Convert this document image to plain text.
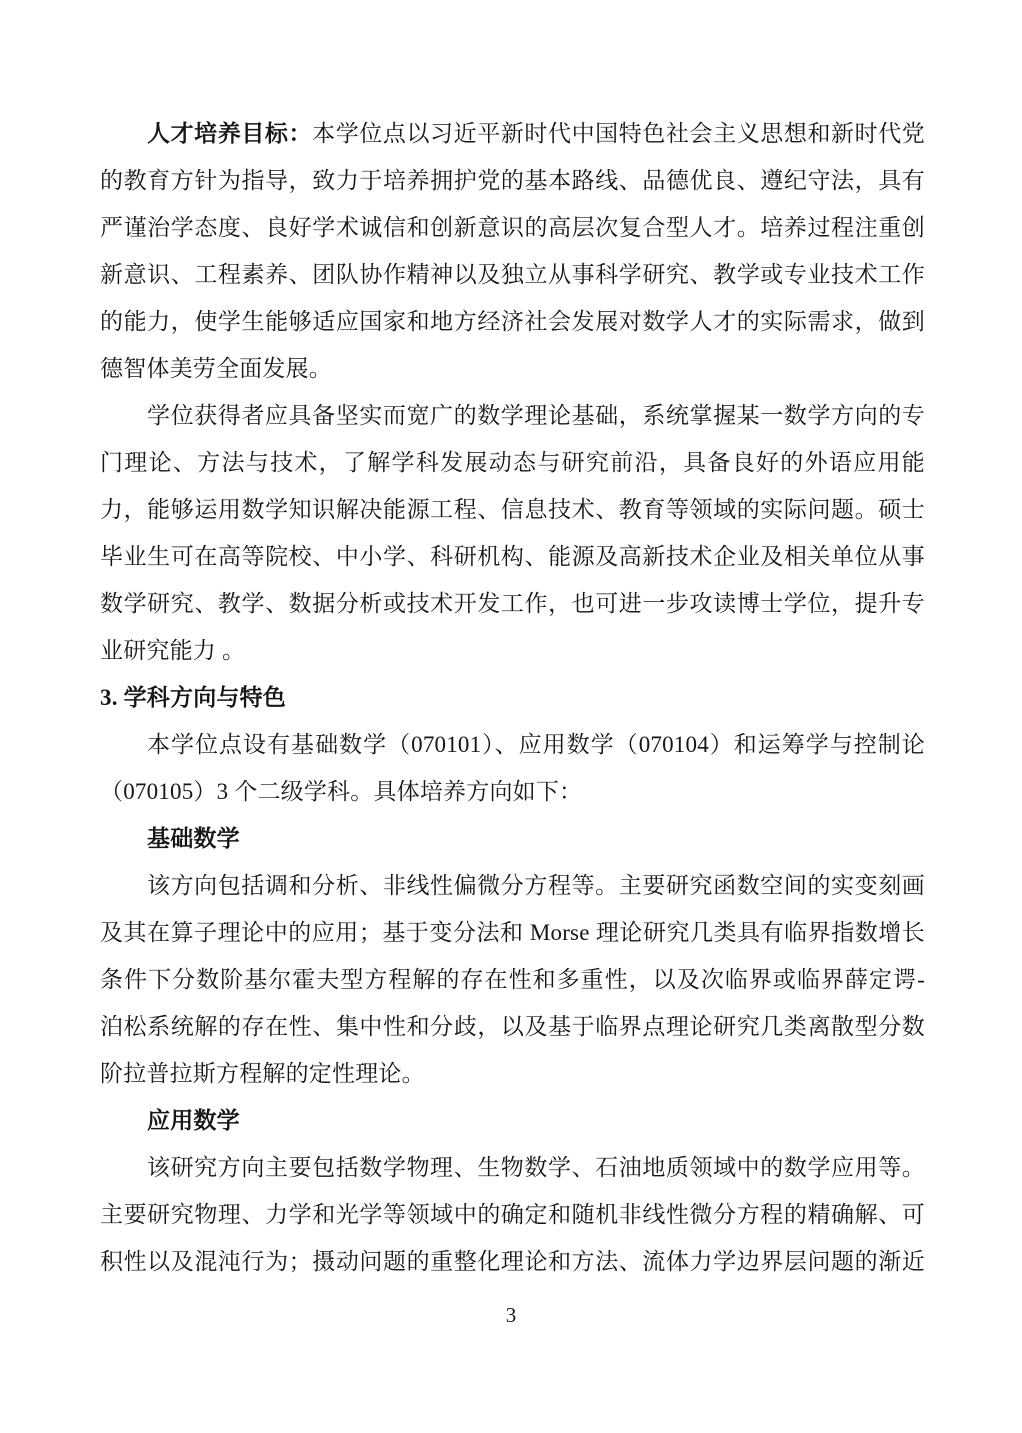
人才培养目标：本学位点以习近平新时代中国特色社会主义思想和新时代党
的教育方针为指导，致力于培养拥护党的基本路线、品德优良、遵纪守法，具有
严谨治学态度、良好学术诚信和创新意识的高层次复合型人才。培养过程注重创
新意识、工程素养、团队协作精神以及独立从事科学研究、教学或专业技术工作
的能力，使学生能够适应国家和地方经济社会发展对数学人才的实际需求，做到
德智体美劳全面发展。
学位获得者应具备坚实而宽广的数学理论基础，系统掌握某一数学方向的专
门理论、方法与技术，了解学科发展动态与研究前沿，具备良好的外语应用能
力，能够运用数学知识解决能源工程、信息技术、教育等领域的实际问题。硕士
毕业生可在高等院校、中小学、科研机构、能源及高新技术企业及相关单位从事
数学研究、教学、数据分析或技术开发工作，也可进一步攻读博士学位，提升专
业研究能力 。
3. 学科方向与特色
本学位点设有基础数学（070101）、应用数学（070104）和运筹学与控制论
（070105）3 个二级学科。具体培养方向如下：
基础数学
该方向包括调和分析、非线性偏微分方程等。主要研究函数空间的实变刻画
及其在算子理论中的应用；基于变分法和 Morse 理论研究几类具有临界指数增长
条件下分数阶基尔霍夫型方程解的存在性和多重性，以及次临界或临界薛定谔-
泊松系统解的存在性、集中性和分歧，以及基于临界点理论研究几类离散型分数
阶拉普拉斯方程解的定性理论。
应用数学
该研究方向主要包括数学物理、生物数学、石油地质领域中的数学应用等。
主要研究物理、力学和光学等领域中的确定和随机非线性微分方程的精确解、可
积性以及混沌行为；摄动问题的重整化理论和方法、流体力学边界层问题的渐近
3
